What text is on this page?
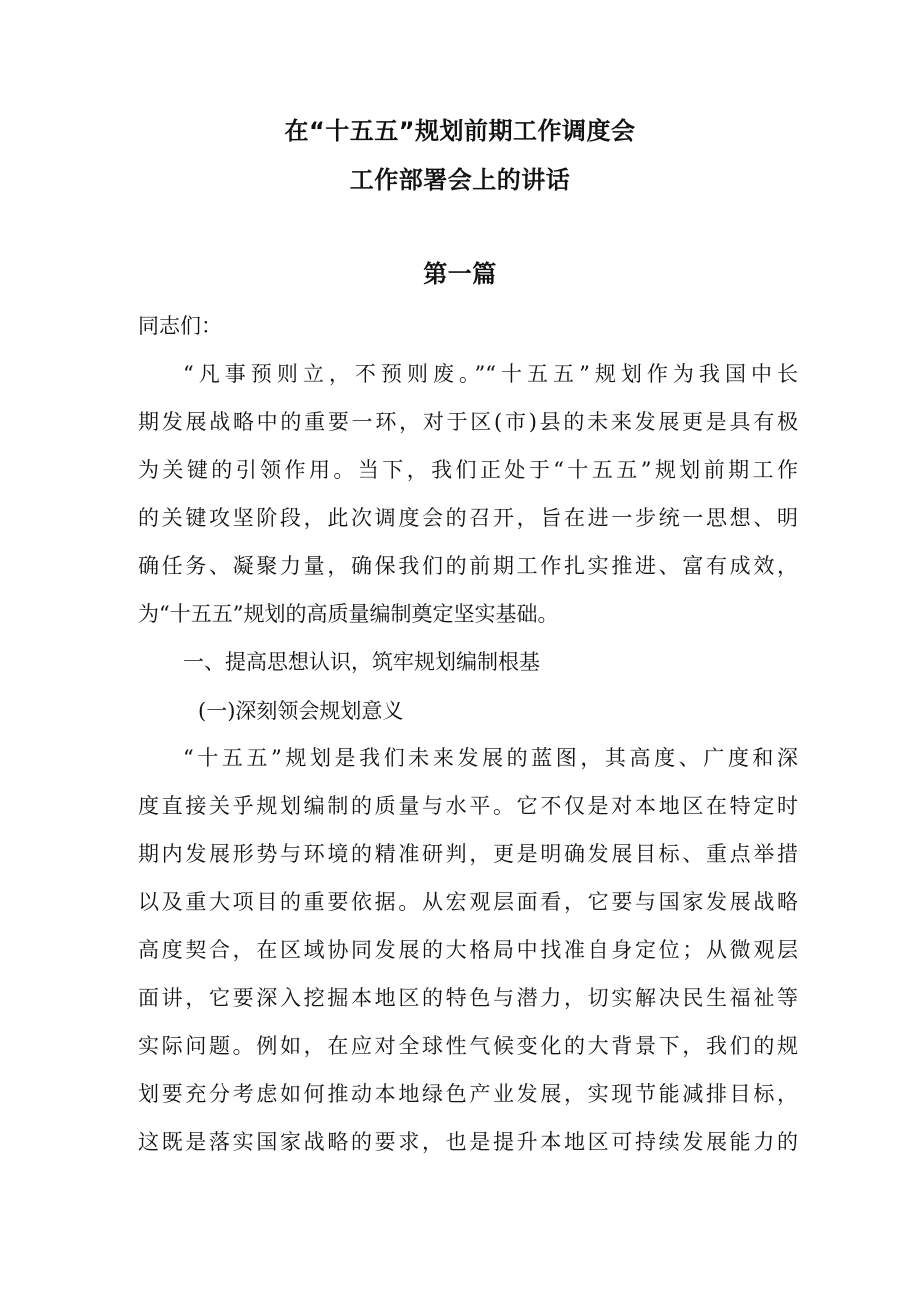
在“十五五”规划前期工作调度会
工作部署会上的讲话
第一篇
同志们：
“凡事预则立，不预则废。”“十五五”规划作为我国中长
期发展战略中的重要一环，对于区(市)县的未来发展更是具有极
为关键的引领作用。当下，我们正处于“十五五”规划前期工作
的关键攻坚阶段，此次调度会的召开，旨在进一步统一思想、明
确任务、凝聚力量，确保我们的前期工作扎实推进、富有成效，
为“十五五”规划的高质量编制奠定坚实基础。
一、提高思想认识，筑牢规划编制根基
(一)深刻领会规划意义
“十五五”规划是我们未来发展的蓝图，其高度、广度和深
度直接关乎规划编制的质量与水平。它不仅是对本地区在特定时
期内发展形势与环境的精准研判，更是明确发展目标、重点举措
以及重大项目的重要依据。从宏观层面看，它要与国家发展战略
高度契合，在区域协同发展的大格局中找准自身定位；从微观层
面讲，它要深入挖掘本地区的特色与潜力，切实解决民生福祉等
实际问题。例如，在应对全球性气候变化的大背景下，我们的规
划要充分考虑如何推动本地绿色产业发展，实现节能减排目标，
这既是落实国家战略的要求，也是提升本地区可持续发展能力的
